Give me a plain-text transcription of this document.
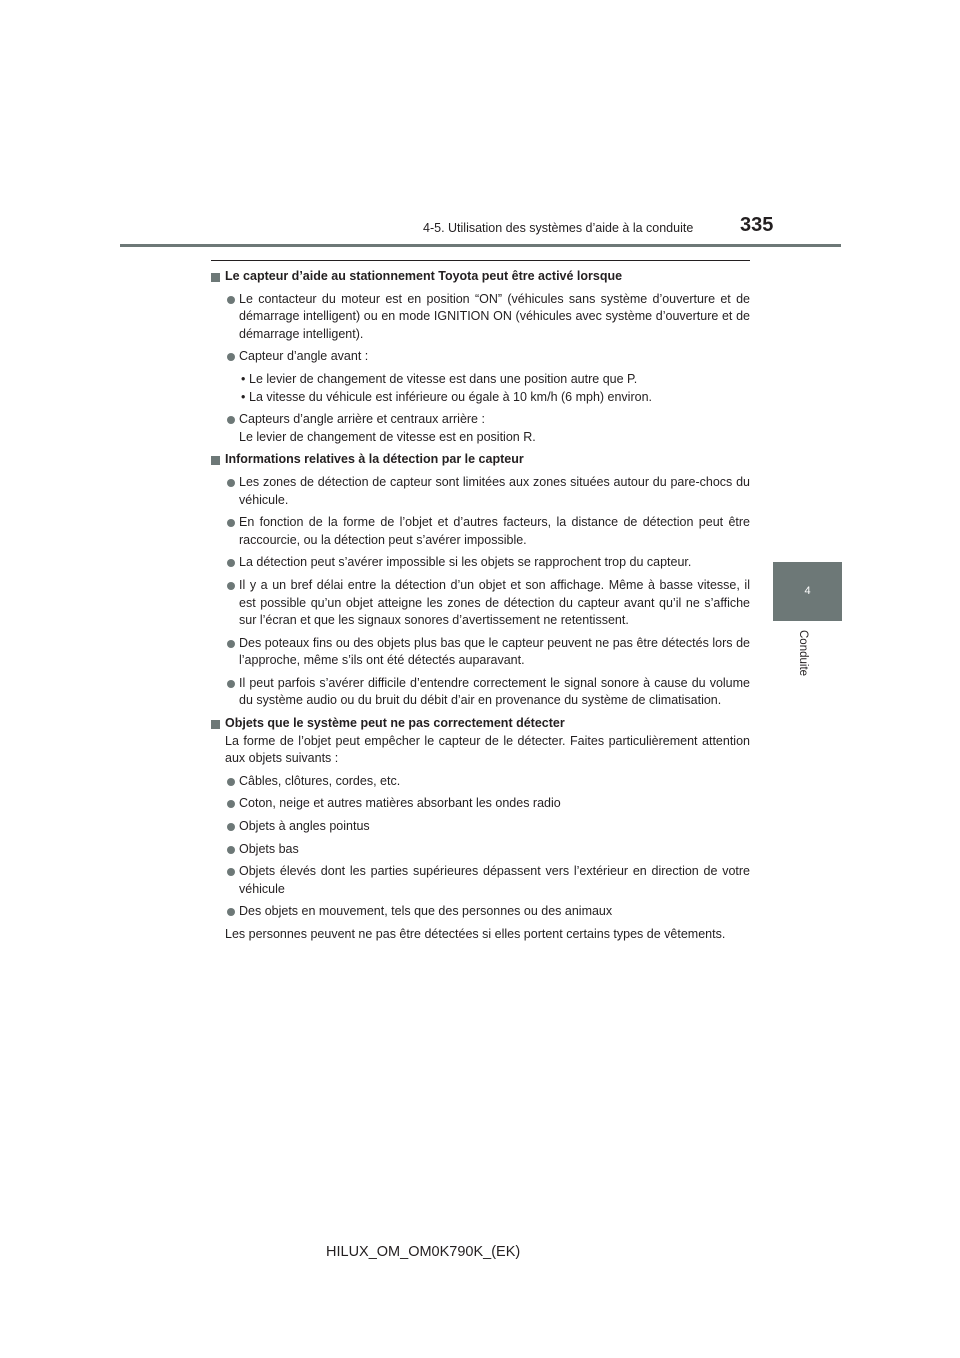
4-5. Utilisation des systèmes d’aide à la conduite 335
4
Conduite
Le capteur d’aide au stationnement Toyota peut être activé lorsque
Le contacteur du moteur est en position “ON” (véhicules sans système d’ouverture et de démarrage intelligent) ou en mode IGNITION ON (véhicules avec système d’ouverture et de démarrage intelligent).
Capteur d’angle avant :
• Le levier de changement de vitesse est dans une position autre que P.
• La vitesse du véhicule est inférieure ou égale à 10 km/h (6 mph) environ.
Capteurs d’angle arrière et centraux arrière :
Le levier de changement de vitesse est en position R.
Informations relatives à la détection par le capteur
Les zones de détection de capteur sont limitées aux zones situées autour du pare-chocs du véhicule.
En fonction de la forme de l’objet et d’autres facteurs, la distance de détection peut être raccourcie, ou la détection peut s’avérer impossible.
La détection peut s’avérer impossible si les objets se rapprochent trop du capteur.
Il y a un bref délai entre la détection d’un objet et son affichage. Même à basse vitesse, il est possible qu’un objet atteigne les zones de détection du capteur avant qu’il ne s’affiche sur l’écran et que les signaux sonores d’avertissement ne retentissent.
Des poteaux fins ou des objets plus bas que le capteur peuvent ne pas être détectés lors de l’approche, même s’ils ont été détectés auparavant.
Il peut parfois s’avérer difficile d’entendre correctement le signal sonore à cause du volume du système audio ou du bruit du débit d’air en provenance du système de climatisation.
Objets que le système peut ne pas correctement détecter
La forme de l’objet peut empêcher le capteur de le détecter. Faites particulièrement attention aux objets suivants :
Câbles, clôtures, cordes, etc.
Coton, neige et autres matières absorbant les ondes radio
Objets à angles pointus
Objets bas
Objets élevés dont les parties supérieures dépassent vers l’extérieur en direction de votre véhicule
Des objets en mouvement, tels que des personnes ou des animaux
Les personnes peuvent ne pas être détectées si elles portent certains types de vêtements.
HILUX_OM_OM0K790K_(EK)
